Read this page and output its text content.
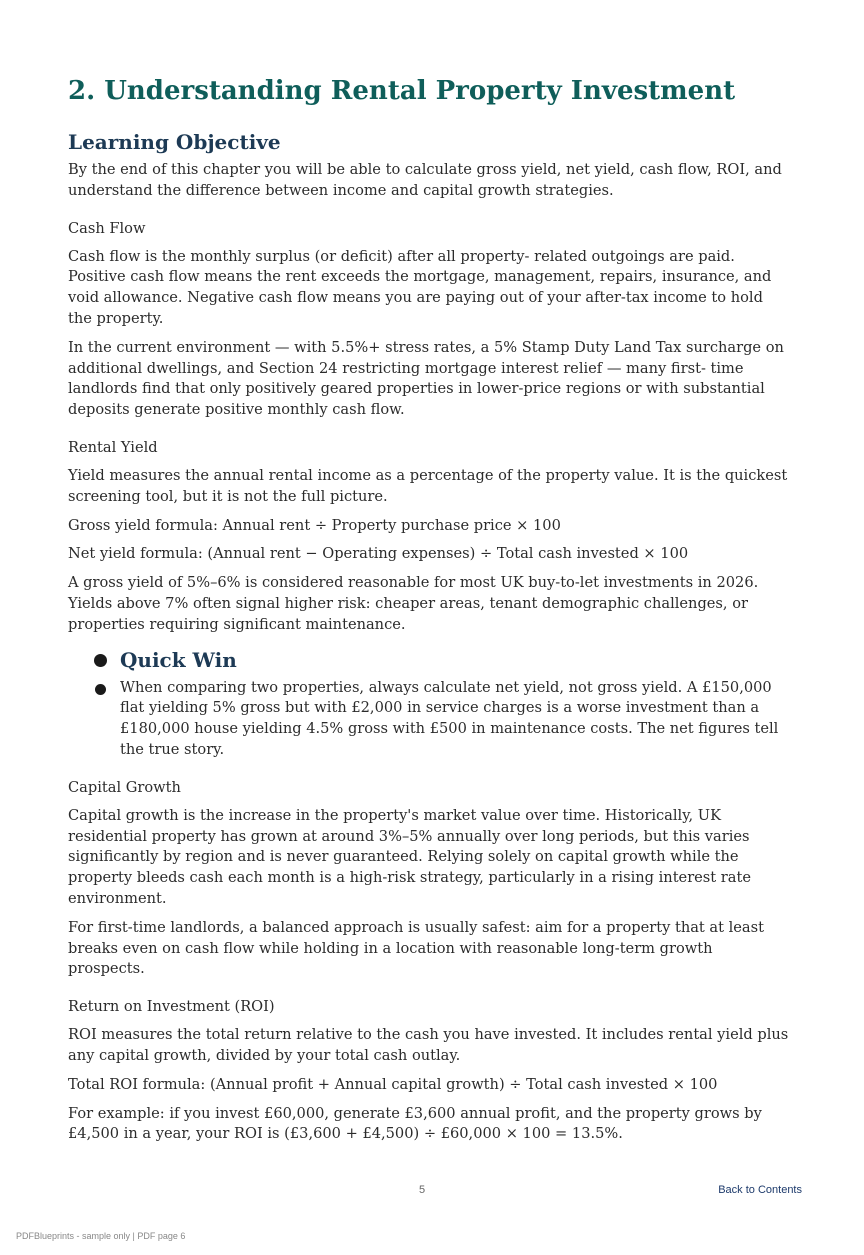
2. Understanding Rental Property Investment
Learning Objective

By the end of this chapter you will be able to calculate gross yield, net yield, cash flow, ROI, and understand the difference between income and capital growth strategies.

Cash Flow

Cash flow is the monthly surplus (or deficit) after all property- related outgoings are paid. Positive cash flow means the rent exceeds the mortgage, management, repairs, insurance, and void allowance. Negative cash flow means you are paying out of your after-tax income to hold the property.

In the current environment — with 5.5%+ stress rates, a 5% Stamp Duty Land Tax surcharge on additional dwellings, and Section 24 restricting mortgage interest relief — many first- time landlords find that only positively geared properties in lower-price regions or with substantial deposits generate positive monthly cash flow.

Rental Yield

Yield measures the annual rental income as a percentage of the property value. It is the quickest screening tool, but it is not the full picture.

Gross yield formula: Annual rent ÷ Property purchase price × 100

Net yield formula: (Annual rent − Operating expenses) ÷ Total cash invested × 100

A gross yield of 5%–6% is considered reasonable for most UK buy-to-let investments in 2026. Yields above 7% often signal higher risk: cheaper areas, tenant demographic challenges, or properties requiring significant maintenance.

Quick Win
When comparing two properties, always calculate net yield, not gross yield. A £150,000 flat yielding 5% gross but with £2,000 in service charges is a worse investment than a £180,000 house yielding 4.5% gross with £500 in maintenance costs. The net figures tell the true story.
Capital Growth

Capital growth is the increase in the property's market value over time. Historically, UK residential property has grown at around 3%–5% annually over long periods, but this varies significantly by region and is never guaranteed. Relying solely on capital growth while the property bleeds cash each month is a high-risk strategy, particularly in a rising interest rate environment.

For first-time landlords, a balanced approach is usually safest: aim for a property that at least breaks even on cash flow while holding in a location with reasonable long-term growth prospects.

Return on Investment (ROI)

ROI measures the total return relative to the cash you have invested. It includes rental yield plus any capital growth, divided by your total cash outlay.

Total ROI formula: (Annual profit + Annual capital growth) ÷ Total cash invested × 100

For example: if you invest £60,000, generate £3,600 annual profit, and the property grows by £4,500 in a year, your ROI is (£3,600 + £4,500) ÷ £60,000 × 100 = 13.5%.

5	Back to Contents
PDFBlueprints - sample only | PDF page 6
